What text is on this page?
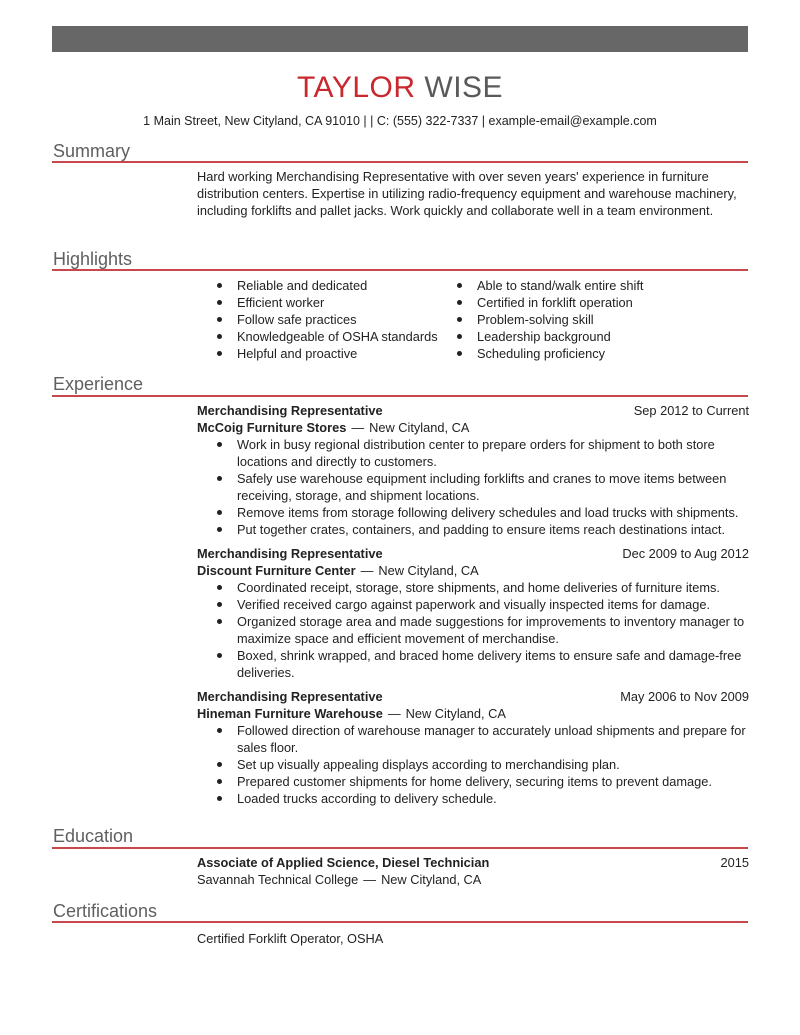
TAYLOR WISE
1 Main Street, New Cityland, CA 91010 | | C: (555) 322-7337 | example-email@example.com
Summary

Hard working Merchandising Representative with over seven years' experience in furniture distribution centers. Expertise in utilizing radio-frequency equipment and warehouse machinery, including forklifts and pallet jacks. Work quickly and collaborate well in a team environment.

Highlights
Reliable and dedicated
Efficient worker
Follow safe practices
Knowledgeable of OSHA standards
Helpful and proactive
Able to stand/walk entire shift
Certified in forklift operation
Problem-solving skill
Leadership background
Scheduling proficiency
Experience
Merchandising Representative	Sep 2012 to Current
McCoig Furniture Stores — New Cityland, CA
Work in busy regional distribution center to prepare orders for shipment to both store locations and directly to customers.
Safely use warehouse equipment including forklifts and cranes to move items between receiving, storage, and shipment locations.
Remove items from storage following delivery schedules and load trucks with shipments.
Put together crates, containers, and padding to ensure items reach destinations intact.
Merchandising Representative	Dec 2009 to Aug 2012
Discount Furniture Center — New Cityland, CA
Coordinated receipt, storage, store shipments, and home deliveries of furniture items.
Verified received cargo against paperwork and visually inspected items for damage.
Organized storage area and made suggestions for improvements to inventory manager to maximize space and efficient movement of merchandise.
Boxed, shrink wrapped, and braced home delivery items to ensure safe and damage-free deliveries.
Merchandising Representative	May 2006 to Nov 2009
Hineman Furniture Warehouse — New Cityland, CA
Followed direction of warehouse manager to accurately unload shipments and prepare for sales floor.
Set up visually appealing displays according to merchandising plan.
Prepared customer shipments for home delivery, securing items to prevent damage.
Loaded trucks according to delivery schedule.
Education
Associate of Applied Science, Diesel Technician	2015
Savannah Technical College — New Cityland, CA
Certifications
Certified Forklift Operator, OSHA
